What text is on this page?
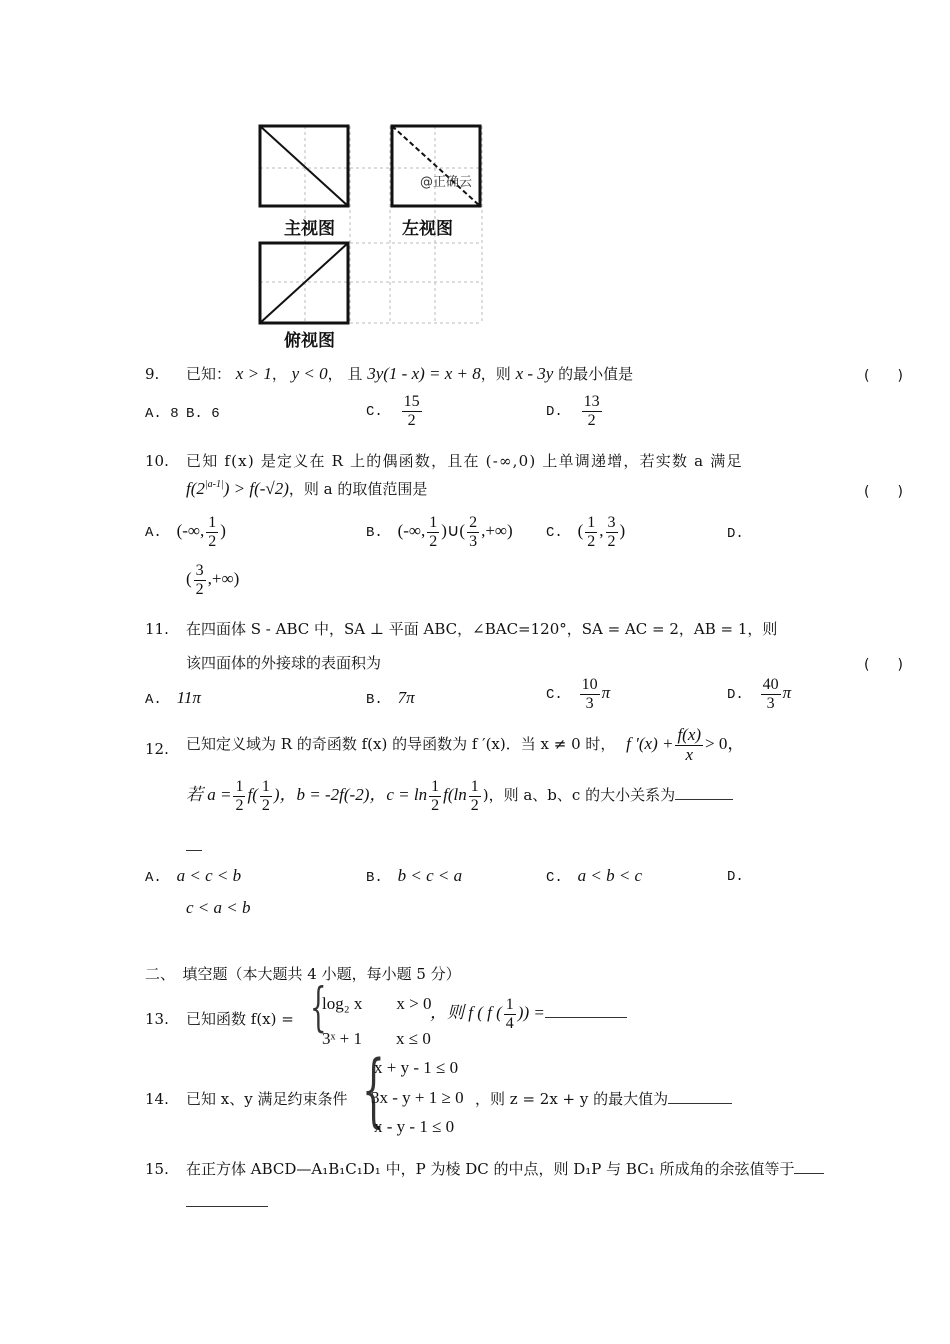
@正确云
主视图	左视图
俯视图
9. 已知： x > 1， y < 0， 且 3y(1 - x) = x + 8，则 x - 3y 的最小值是	(　　)
A. 8 B. 6	C. $\frac{15}{2}$	D. $\frac{13}{2}$
10. 已知 f(x) 是定义在 R 上的偶函数，且在 (-∞,0) 上单调递增，若实数 a 满足
$f(2^{|a-1|}) > f(-√2)$，则 a 的取值范围是	(　　)
A. (-∞, $\frac{1}{2}$ )	B. (-∞, $\frac{1}{2}$ )∪( $\frac{2}{3}$ ,+∞) C. ( $\frac{1}{2}$ , $\frac{3}{2}$ )	D.
( $\frac{3}{2}$ ,+∞)
11. 在四面体 S - ABC 中，SA ⊥ 平面 ABC，∠BAC=120°，SA = AC = 2，AB = 1，则
该四面体的外接球的表面积为	(　　)
A. 11π	B. 7π	C. $\frac{10}{3}$ π	D. $\frac{40}{3}$ π
12. 已知定义域为 R 的奇函数 f(x) 的导函数为 f ′(x)．当 x ≠ 0 时， f $'(x) + \frac{f(x)}{x} > 0$，
若 $a = \frac{1}{2} f( \frac{1}{2}$ )，b = -2f(-2)，$c = \ln \frac{1}{2} f(\ln \frac{1}{2}$ )，则 a、b、c 的大小关系为
A. a < c < b	B. b < c < a	C. a < b < c	D.
c < a < b
二、　填空题（本大题共 4 小题，每小题 5 分）
13. 已知函数 f(x) = {
log₂ x　　x > 0
3ˣ + 1　　x ≤ 0
，则 f ( f ( $\frac{1}{4}$ )) =
14. 已知 x、y 满足约束条件 {
x + y - 1 ≤ 0
3x - y + 1 ≥ 0
x - y - 1 ≤ 0
，则 z = 2x + y 的最大值为
15. 在正方体 ABCD—A₁B₁C₁D₁ 中，P 为棱 DC 的中点，则 D₁P 与 BC₁ 所成角的余弦值等于
